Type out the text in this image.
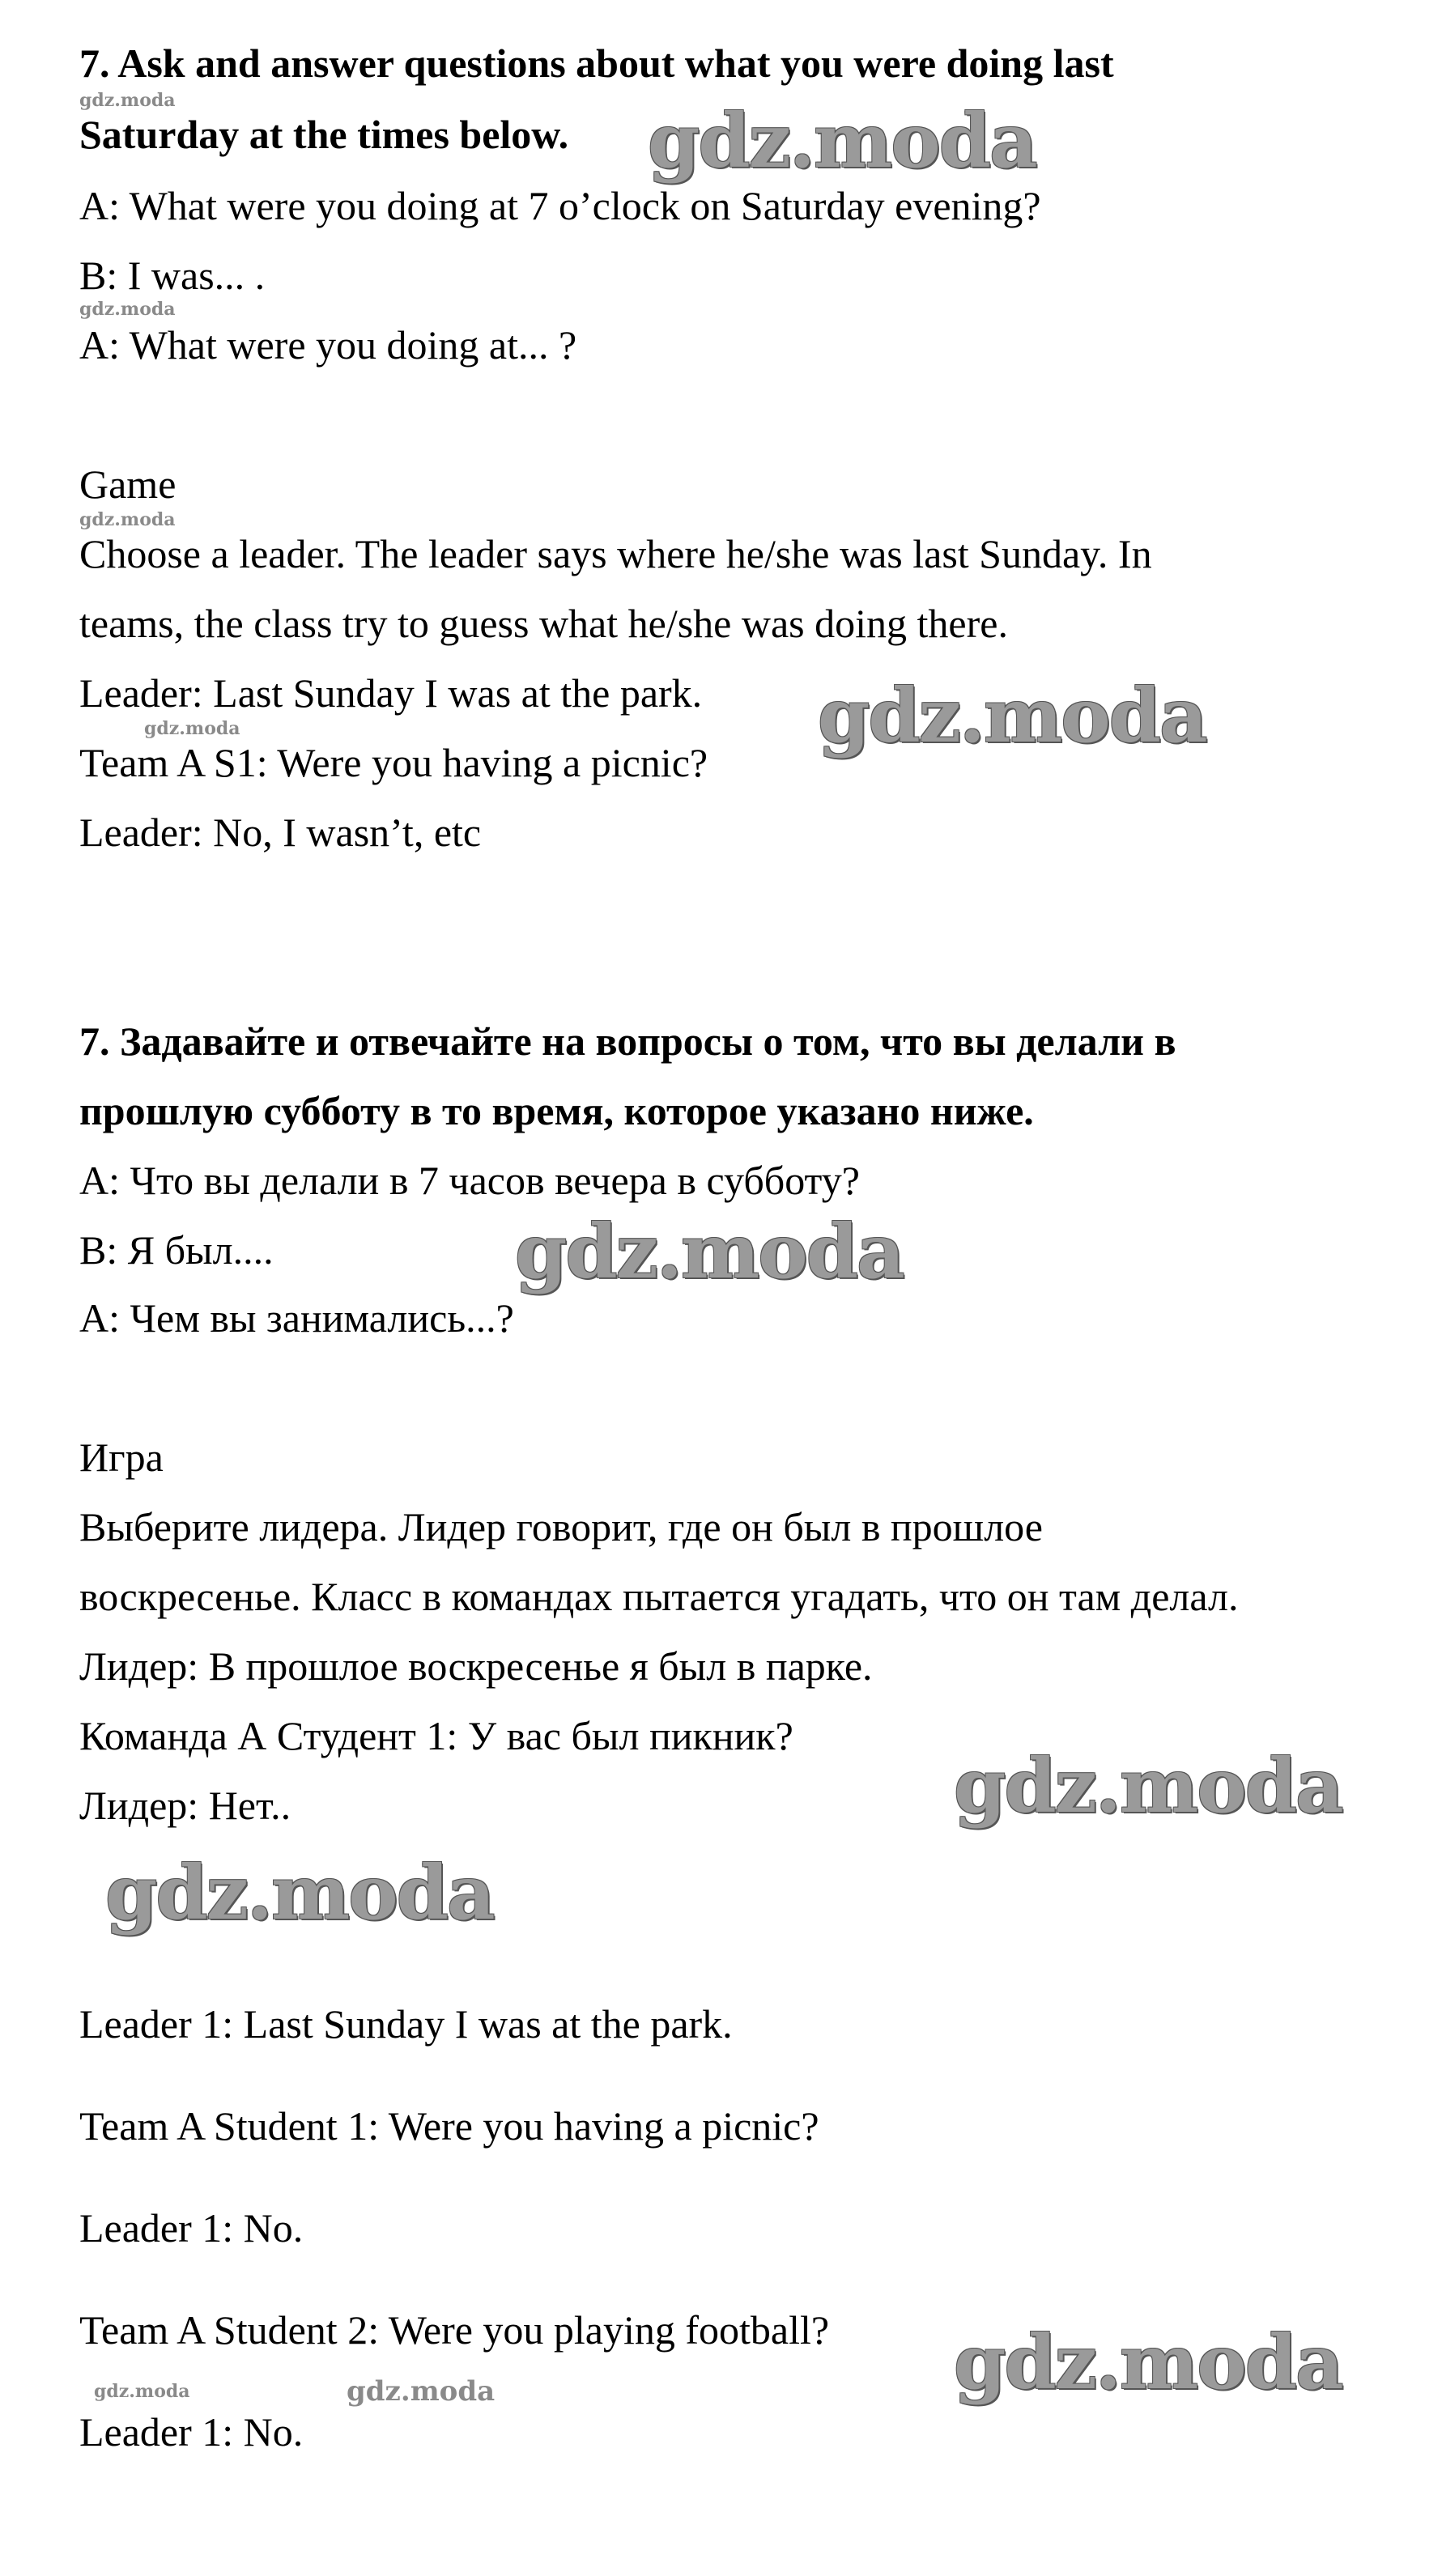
7. Ask and answer questions about what you were doing last
Saturday at the times below.
A: What were you doing at 7 o’clock on Saturday evening?
B: I was... .
A: What were you doing at... ?
Game
Choose a leader. The leader says where he/she was last Sunday. In
teams, the class try to guess what he/she was doing there.
Leader: Last Sunday I was at the park.
Team A S1: Were you having a picnic?
Leader: No, I wasn’t, etc
7. Задавайте и отвечайте на вопросы о том, что вы делали в
прошлую субботу в то время, которое указано ниже.
A: Что вы делали в 7 часов вечера в субботу?
B: Я был....
A: Чем вы занимались...?
Игра
Выберите лидера. Лидер говорит, где он был в прошлое
воскресенье. Класс в командах пытается угадать, что он там делал.
Лидер: В прошлое воскресенье я был в парке.
Команда А Студент 1: У вас был пикник?
Лидер: Нет..
Leader 1: Last Sunday I was at the park.
Team A Student 1: Were you having a picnic?
Leader 1: No.
Team A Student 2: Were you playing football?
Leader 1: No.
gdz.moda
gdz.moda
gdz.moda
gdz.moda
gdz.moda
gdz.moda
gdz.moda
gdz.moda
gdz.moda
gdz.moda
gdz.moda	gdz.moda
